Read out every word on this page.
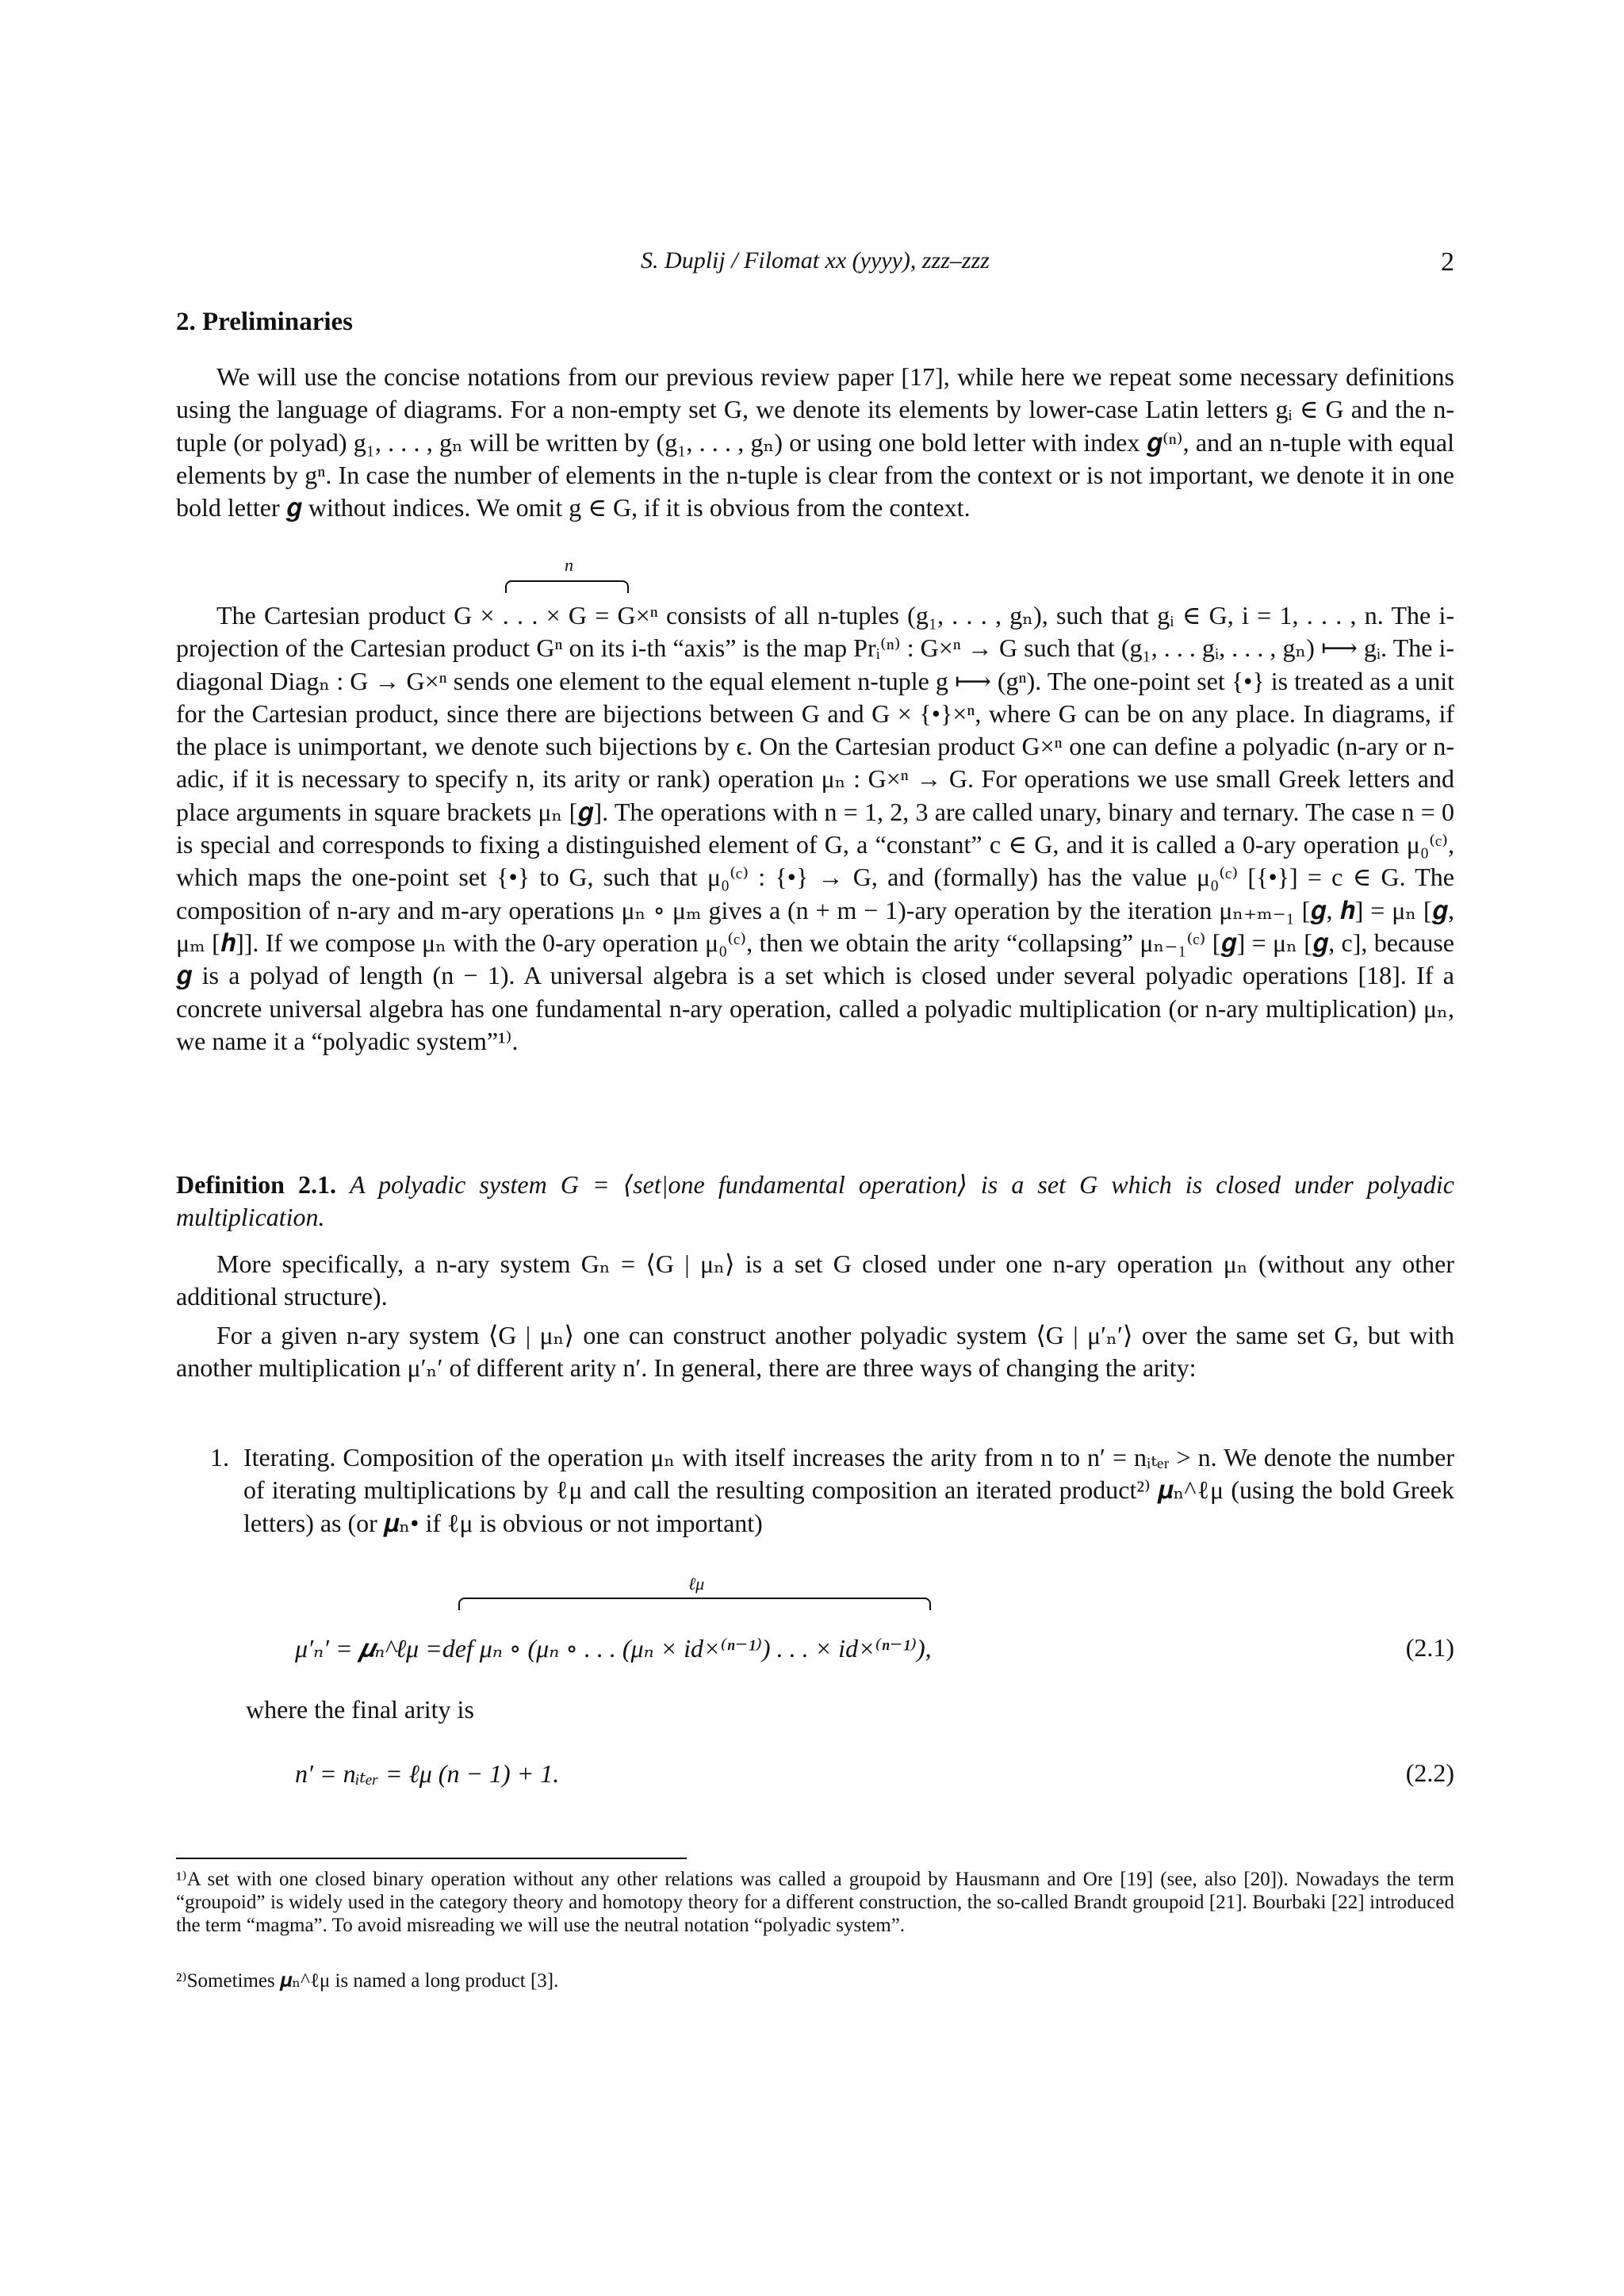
S. Duplij / Filomat xx (yyyy), zzz–zzz	2
2. Preliminaries

We will use the concise notations from our previous review paper [17], while here we repeat some necessary definitions using the language of diagrams. For a non-empty set G, we denote its elements by lower-case Latin letters gᵢ ∈ G and the n-tuple (or polyad) g₁, . . . , gₙ will be written by (g₁, . . . , gₙ) or using one bold letter with index 𝒈⁽ⁿ⁾, and an n-tuple with equal elements by gⁿ. In case the number of elements in the n-tuple is clear from the context or is not important, we denote it in one bold letter 𝒈 without indices. We omit g ∈ G, if it is obvious from the context.

n

The Cartesian product G × . . . × G = G×ⁿ consists of all n-tuples (g₁, . . . , gₙ), such that gᵢ ∈ G, i = 1, . . . , n. The i-projection of the Cartesian product Gⁿ on its i-th “axis” is the map Prᵢ⁽ⁿ⁾ : G×ⁿ → G such that (g₁, . . . gᵢ, . . . , gₙ) ⟼ gᵢ. The i-diagonal Diagₙ : G → G×ⁿ sends one element to the equal element n-tuple g ⟼ (gⁿ). The one-point set {•} is treated as a unit for the Cartesian product, since there are bijections between G and G × {•}×ⁿ, where G can be on any place. In diagrams, if the place is unimportant, we denote such bijections by ϵ. On the Cartesian product G×ⁿ one can define a polyadic (n-ary or n-adic, if it is necessary to specify n, its arity or rank) operation μₙ : G×ⁿ → G. For operations we use small Greek letters and place arguments in square brackets μₙ [𝒈]. The operations with n = 1, 2, 3 are called unary, binary and ternary. The case n = 0 is special and corresponds to fixing a distinguished element of G, a “constant” c ∈ G, and it is called a 0-ary operation μ₀⁽ᶜ⁾, which maps the one-point set {•} to G, such that μ₀⁽ᶜ⁾ : {•} → G, and (formally) has the value μ₀⁽ᶜ⁾ [{•}] = c ∈ G. The composition of n-ary and m-ary operations μₙ ∘ μₘ gives a (n + m − 1)-ary operation by the iteration μₙ₊ₘ₋₁ [𝒈, 𝒉] = μₙ [𝒈, μₘ [𝒉]]. If we compose μₙ with the 0-ary operation μ₀⁽ᶜ⁾, then we obtain the arity “collapsing” μₙ₋₁⁽ᶜ⁾ [𝒈] = μₙ [𝒈, c], because 𝒈 is a polyad of length (n − 1). A universal algebra is a set which is closed under several polyadic operations [18]. If a concrete universal algebra has one fundamental n-ary operation, called a polyadic multiplication (or n-ary multiplication) μₙ, we name it a “polyadic system”¹⁾.

Definition 2.1. A polyadic system G = ⟨set|one fundamental operation⟩ is a set G which is closed under polyadic multiplication.

More specifically, a n-ary system Gₙ = ⟨G | μₙ⟩ is a set G closed under one n-ary operation μₙ (without any other additional structure).

For a given n-ary system ⟨G | μₙ⟩ one can construct another polyadic system ⟨G | μ′ₙ′⟩ over the same set G, but with another multiplication μ′ₙ′ of different arity n′. In general, there are three ways of changing the arity:

1. Iterating. Composition of the operation μₙ with itself increases the arity from n to n′ = nᵢₜₑᵣ > n. We denote the number of iterating multiplications by ℓμ and call the resulting composition an iterated product²⁾ 𝝁ₙ^ℓμ (using the bold Greek letters) as (or 𝝁ₙ• if ℓμ is obvious or not important)
ℓμ
μ′ₙ′ = 𝝁ₙ^ℓμ =def μₙ ∘ (μₙ ∘ . . . (μₙ × id×⁽ⁿ⁻¹⁾) . . . × id×⁽ⁿ⁻¹⁾),	(2.1)
where the final arity is
n′ = nᵢₜₑᵣ = ℓμ (n − 1) + 1.	(2.2)

¹⁾A set with one closed binary operation without any other relations was called a groupoid by Hausmann and Ore [19] (see, also [20]). Nowadays the term “groupoid” is widely used in the category theory and homotopy theory for a different construction, the so-called Brandt groupoid [21]. Bourbaki [22] introduced the term “magma”. To avoid misreading we will use the neutral notation “polyadic system”.

²⁾Sometimes 𝝁ₙ^ℓμ is named a long product [3].
